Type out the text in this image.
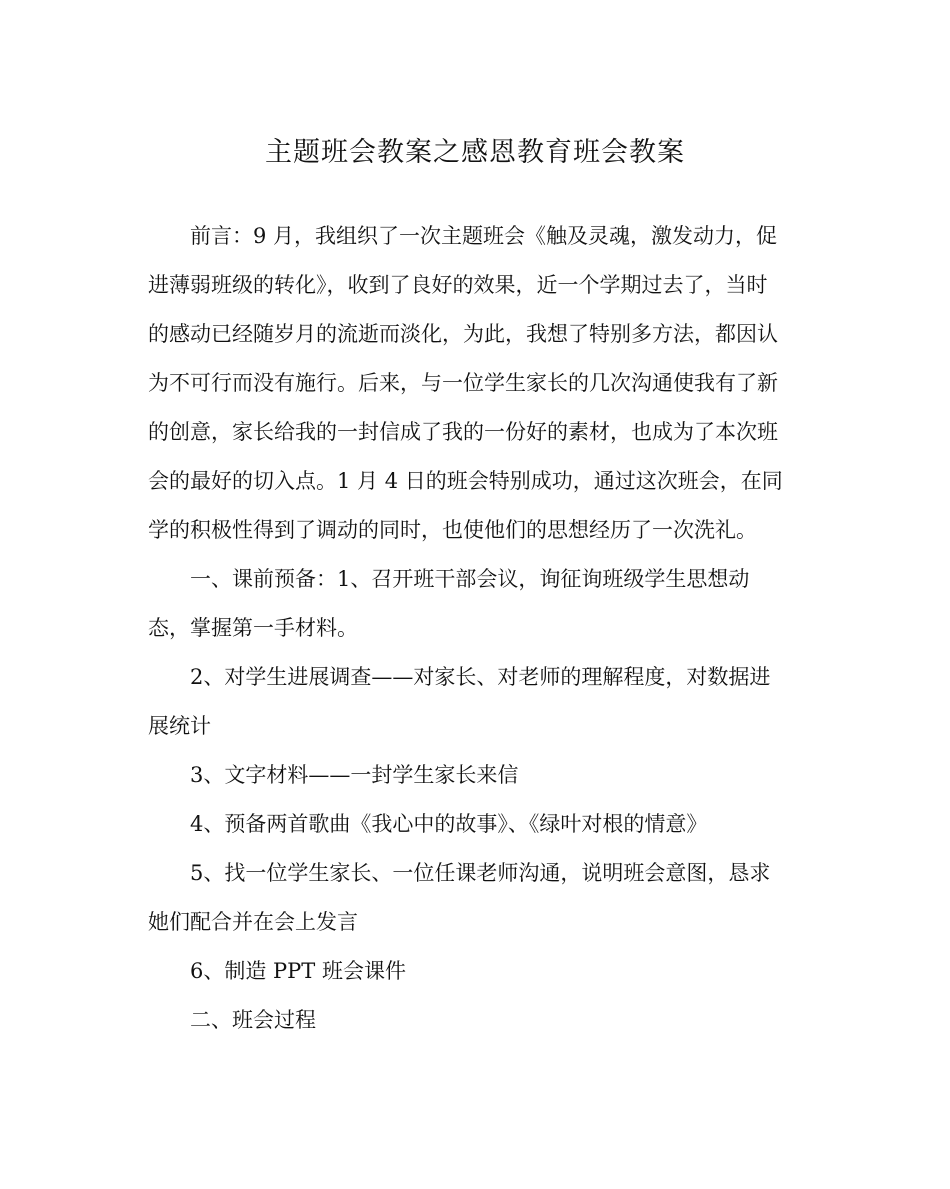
主题班会教案之感恩教育班会教案
前言：9 月，我组织了一次主题班会《触及灵魂，激发动力，促
进薄弱班级的转化》，收到了良好的效果，近一个学期过去了，当时
的感动已经随岁月的流逝而淡化，为此，我想了特别多方法，都因认
为不可行而没有施行。后来，与一位学生家长的几次沟通使我有了新
的创意，家长给我的一封信成了我的一份好的素材，也成为了本次班
会的最好的切入点。1 月 4 日的班会特别成功，通过这次班会，在同
学的积极性得到了调动的同时，也使他们的思想经历了一次洗礼。
一、课前预备：1、召开班干部会议，询征询班级学生思想动
态，掌握第一手材料。
2、对学生进展调查——对家长、对老师的理解程度，对数据进
展统计
3、文字材料——一封学生家长来信
4、预备两首歌曲《我心中的故事》、《绿叶对根的情意》
5、找一位学生家长、一位任课老师沟通，说明班会意图，恳求
她们配合并在会上发言
6、制造 PPT 班会课件
二、班会过程
